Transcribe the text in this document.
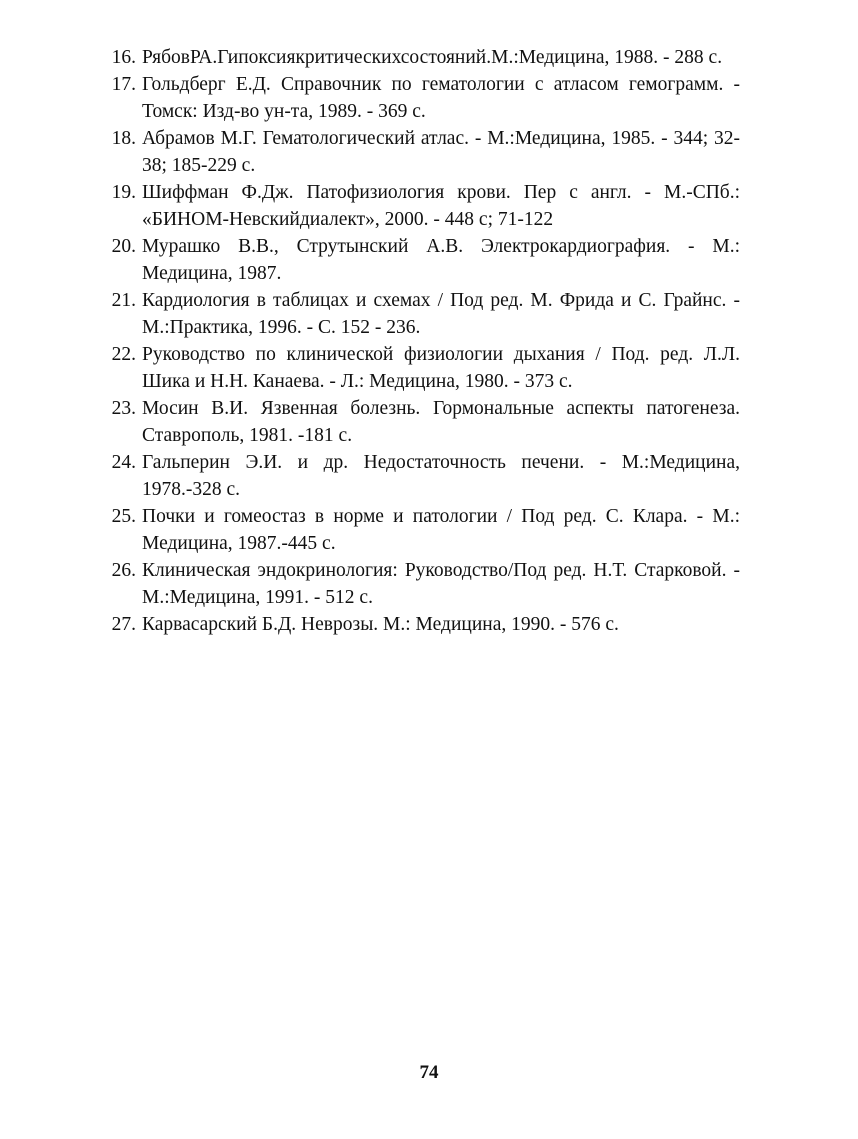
16. РябовРА.Гипоксиякритическихсостояний.М.:Медицина, 1988. - 288 с.
17. Гольдберг Е.Д. Справочник по гематологии с атласом гемограмм. - Томск: Изд-во ун-та, 1989. - 369 с.
18. Абрамов М.Г. Гематологический атлас. - М.:Медицина, 1985. - 344; 32-38; 185-229 с.
19. Шиффман Ф.Дж. Патофизиология крови. Пер с англ. - М.-СПб.: «БИНОМ-Невскийдиалект», 2000. - 448 с; 71-122
20. Мурашко В.В., Струтынский А.В. Электрокардиография. - М.: Медицина, 1987.
21. Кардиология в таблицах и схемах / Под ред. М. Фрида и С. Грайнс. - М.:Практика, 1996. - С. 152 - 236.
22. Руководство по клинической физиологии дыхания / Под. ред. Л.Л. Шика и Н.Н. Канаева. - Л.: Медицина, 1980. - 373 с.
23. Мосин В.И. Язвенная болезнь. Гормональные аспекты патогенеза. Ставрополь, 1981. -181 с.
24. Гальперин Э.И. и др. Недостаточность печени. - М.:Медицина, 1978.-328 с.
25. Почки и гомеостаз в норме и патологии / Под ред. С. Клара. - М.: Медицина, 1987.-445 с.
26. Клиническая эндокринология: Руководство/Под ред. Н.Т. Старковой. - М.:Медицина, 1991. - 512 с.
27. Карвасарский Б.Д. Неврозы. М.: Медицина, 1990. - 576 с.
74
